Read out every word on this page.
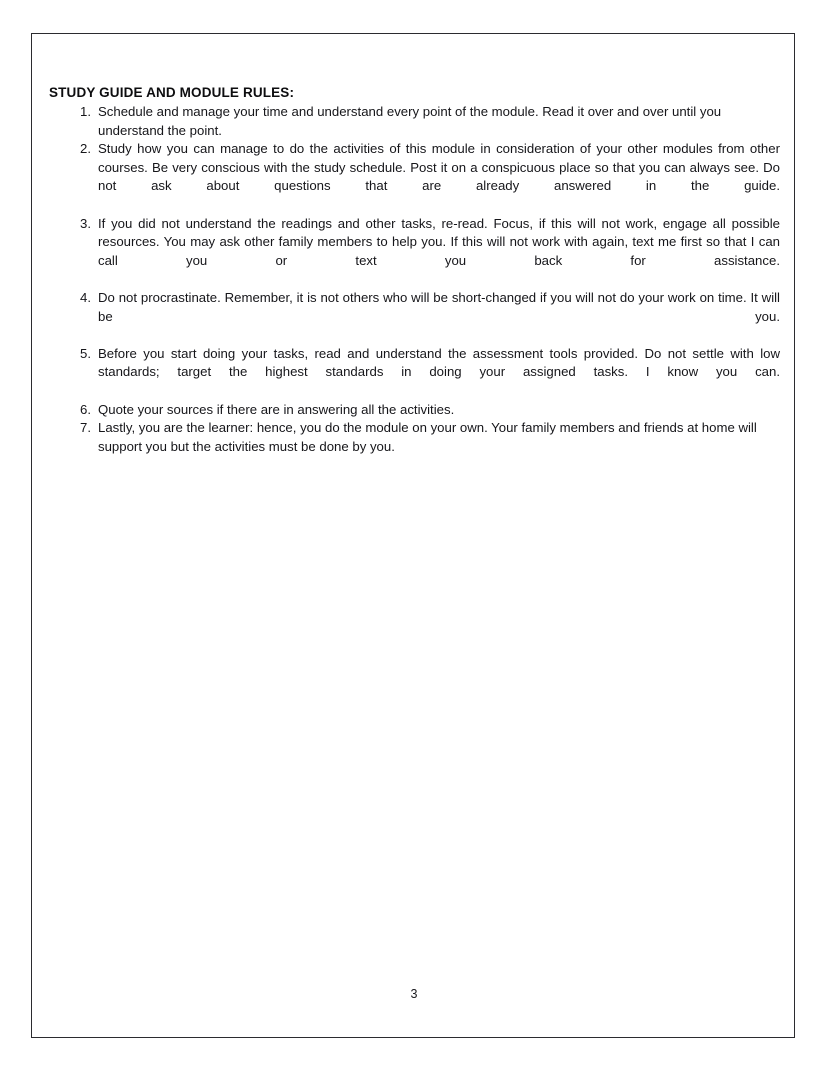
STUDY GUIDE AND MODULE RULES:
1. Schedule and manage your time and understand every point of the module. Read it over and over until you understand the point.
2. Study how you can manage to do the activities of this module in consideration of your other modules from other courses. Be very conscious with the study schedule. Post it on a conspicuous place so that you can always see. Do not ask about questions that are already answered in the guide.
3. If you did not understand the readings and other tasks, re-read. Focus, if this will not work, engage all possible resources. You may ask other family members to help you. If this will not work with again, text me first so that I can call you or text you back for assistance.
4. Do not procrastinate. Remember, it is not others who will be short-changed if you will not do your work on time. It will be you.
5. Before you start doing your tasks, read and understand the assessment tools provided. Do not settle with low standards; target the highest standards in doing your assigned tasks. I know you can.
6. Quote your sources if there are in answering all the activities.
7. Lastly, you are the learner: hence, you do the module on your own. Your family members and friends at home will support you but the activities must be done by you.
3
